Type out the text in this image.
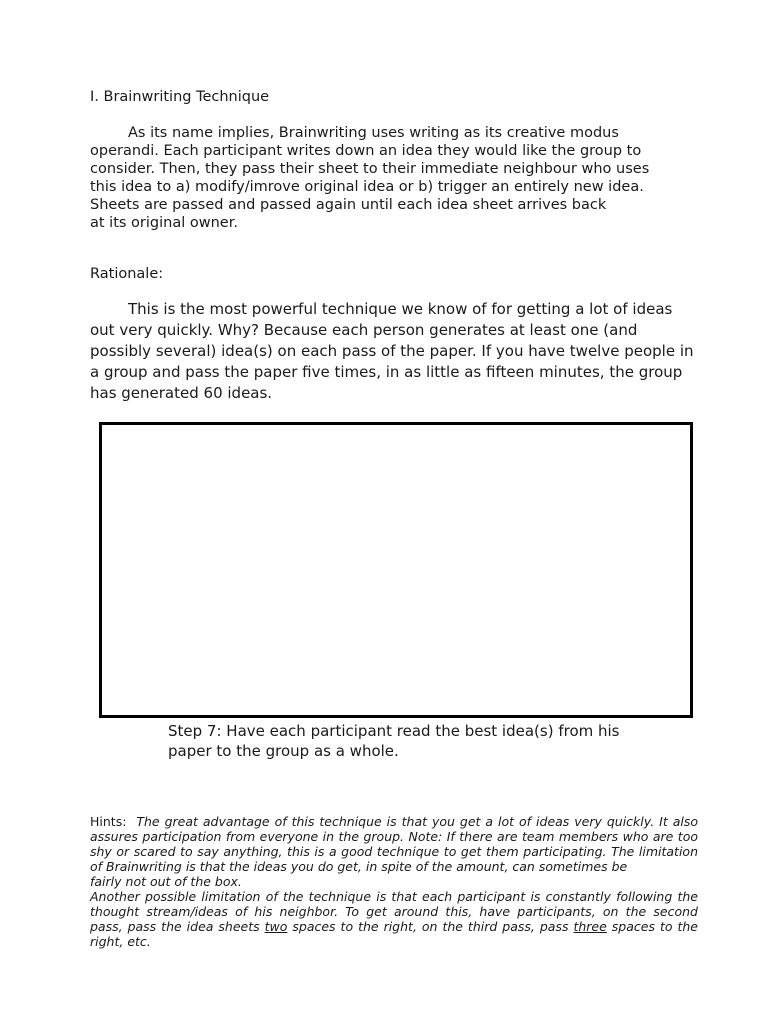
I. Brainwriting Technique
As its name implies, Brainwriting uses writing as its creative modus
operandi. Each participant writes down an idea they would like the group to
consider. Then, they pass their sheet to their immediate neighbour who uses
this idea to a) modify/imrove original idea or b) trigger an entirely new idea.
Sheets are passed and passed again until each idea sheet arrives back
at its original owner.
Rationale:
This is the most powerful technique we know of for getting a lot of ideas
out very quickly. Why? Because each person generates at least one (and
possibly several) idea(s) on each pass of the paper. If you have twelve people in
a group and pass the paper five times, in as little as fifteen minutes, the group
has generated 60 ideas.
Step 7: Have each participant read the best idea(s) from his
paper to the group as a whole.
Hints: The great advantage of this technique is that you get a lot of ideas very quickly. It also
assures participation from everyone in the group. Note: If there are team members who are too
shy or scared to say anything, this is a good technique to get them participating. The limitation
of Brainwriting is that the ideas you do get, in spite of the amount, can sometimes be
fairly not out of the box.
Another possible limitation of the technique is that each participant is constantly following the
thought stream/ideas of his neighbor. To get around this, have participants, on the second
pass, pass the idea sheets two spaces to the right, on the third pass, pass three spaces to the
right, etc.
